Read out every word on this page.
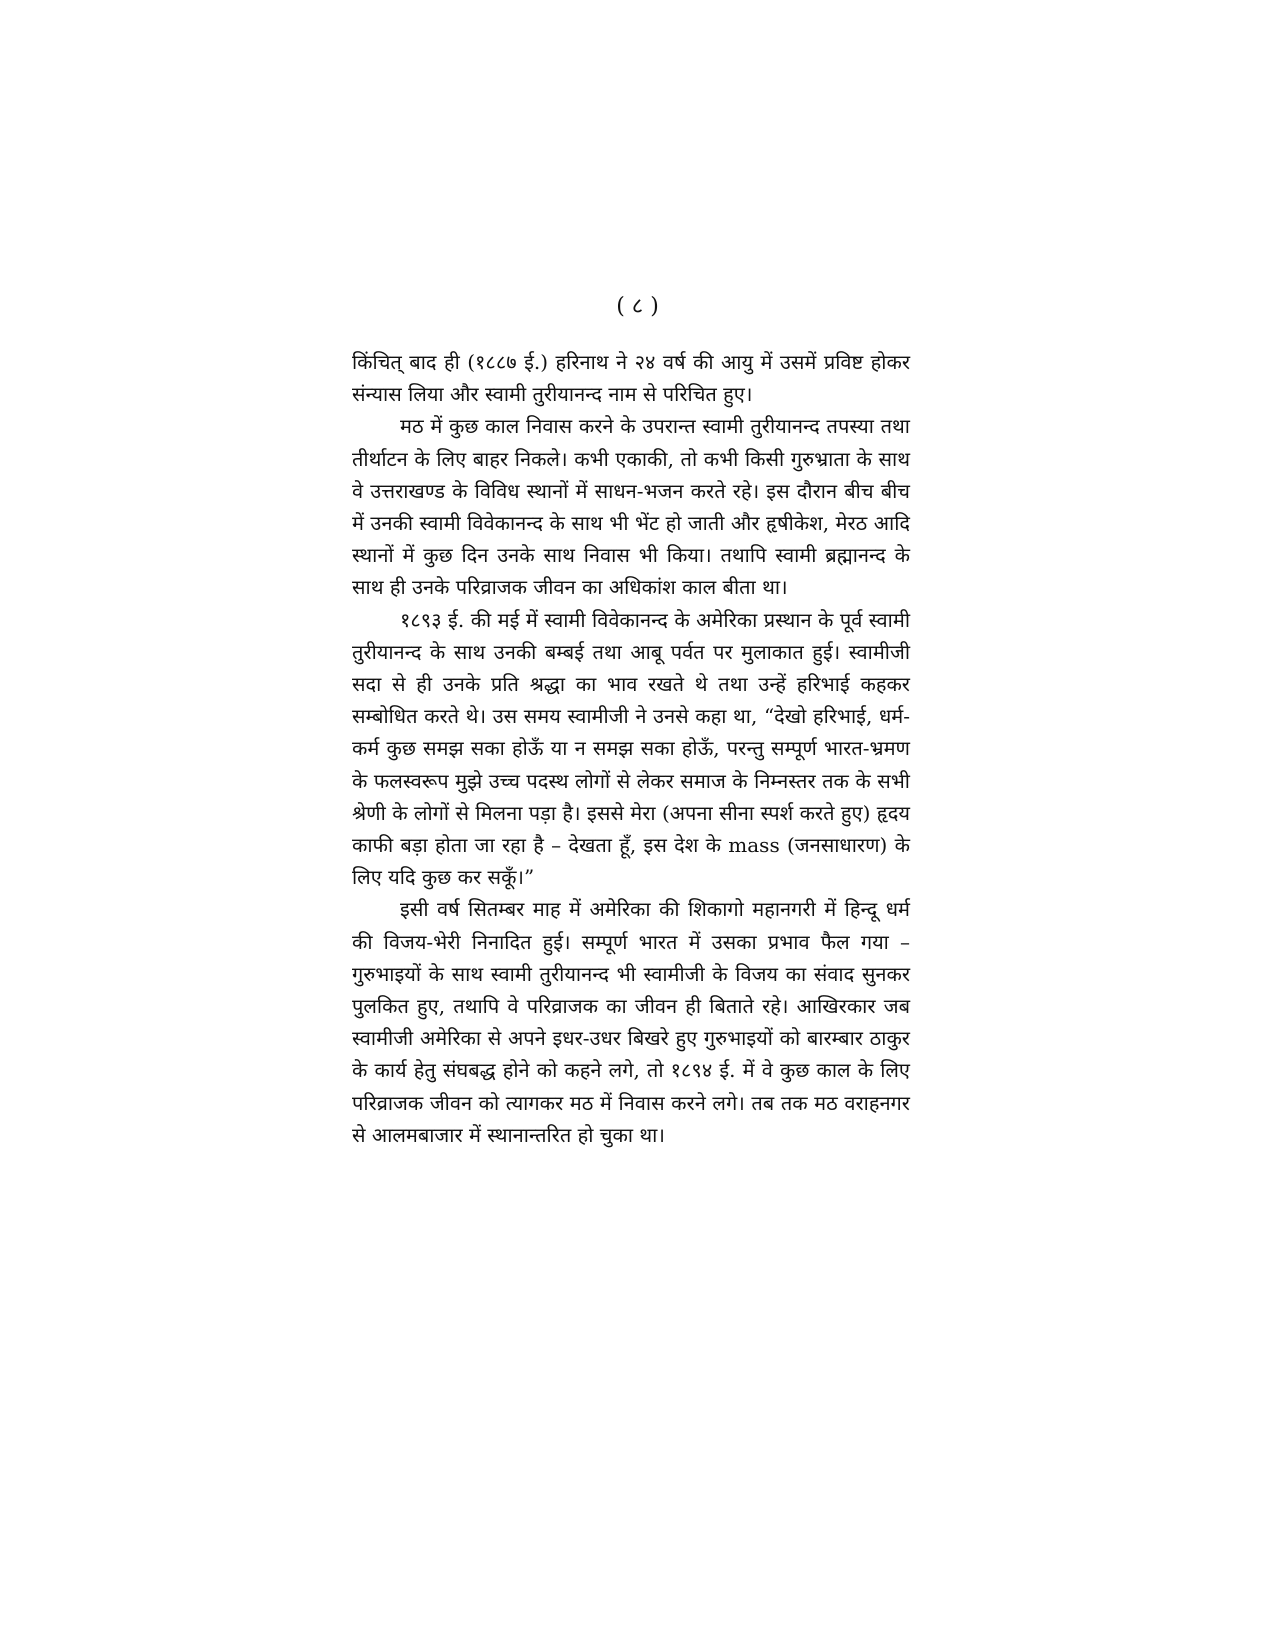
( ८ )

किंचित् बाद ही (१८८७ ई.) हरिनाथ ने २४ वर्ष की आयु में उसमें प्रविष्ट होकर संन्यास लिया और स्वामी तुरीयानन्द नाम से परिचित हुए।

मठ में कुछ काल निवास करने के उपरान्त स्वामी तुरीयानन्द तपस्या तथा तीर्थाटन के लिए बाहर निकले। कभी एकाकी, तो कभी किसी गुरुभ्राता के साथ वे उत्तराखण्ड के विविध स्थानों में साधन-भजन करते रहे। इस दौरान बीच बीच में उनकी स्वामी विवेकानन्द के साथ भी भेंट हो जाती और हृषीकेश, मेरठ आदि स्थानों में कुछ दिन उनके साथ निवास भी किया। तथापि स्वामी ब्रह्मानन्द के साथ ही उनके परिव्राजक जीवन का अधिकांश काल बीता था।

१८९३ ई. की मई में स्वामी विवेकानन्द के अमेरिका प्रस्थान के पूर्व स्वामी तुरीयानन्द के साथ उनकी बम्बई तथा आबू पर्वत पर मुलाकात हुई। स्वामीजी सदा से ही उनके प्रति श्रद्धा का भाव रखते थे तथा उन्हें हरिभाई कहकर सम्बोधित करते थे। उस समय स्वामीजी ने उनसे कहा था, “देखो हरिभाई, धर्म-कर्म कुछ समझ सका होऊँ या न समझ सका होऊँ, परन्तु सम्पूर्ण भारत-भ्रमण के फलस्वरूप मुझे उच्च पदस्थ लोगों से लेकर समाज के निम्नस्तर तक के सभी श्रेणी के लोगों से मिलना पड़ा है। इससे मेरा (अपना सीना स्पर्श करते हुए) हृदय काफी बड़ा होता जा रहा है – देखता हूँ, इस देश के mass (जनसाधारण) के लिए यदि कुछ कर सकूँ।”

इसी वर्ष सितम्बर माह में अमेरिका की शिकागो महानगरी में हिन्दू धर्म की विजय-भेरी निनादित हुई। सम्पूर्ण भारत में उसका प्रभाव फैल गया – गुरुभाइयों के साथ स्वामी तुरीयानन्द भी स्वामीजी के विजय का संवाद सुनकर पुलकित हुए, तथापि वे परिव्राजक का जीवन ही बिताते रहे। आखिरकार जब स्वामीजी अमेरिका से अपने इधर-उधर बिखरे हुए गुरुभाइयों को बारम्बार ठाकुर के कार्य हेतु संघबद्ध होने को कहने लगे, तो १८९४ ई. में वे कुछ काल के लिए परिव्राजक जीवन को त्यागकर मठ में निवास करने लगे। तब तक मठ वराहनगर से आलमबाजार में स्थानान्तरित हो चुका था।
